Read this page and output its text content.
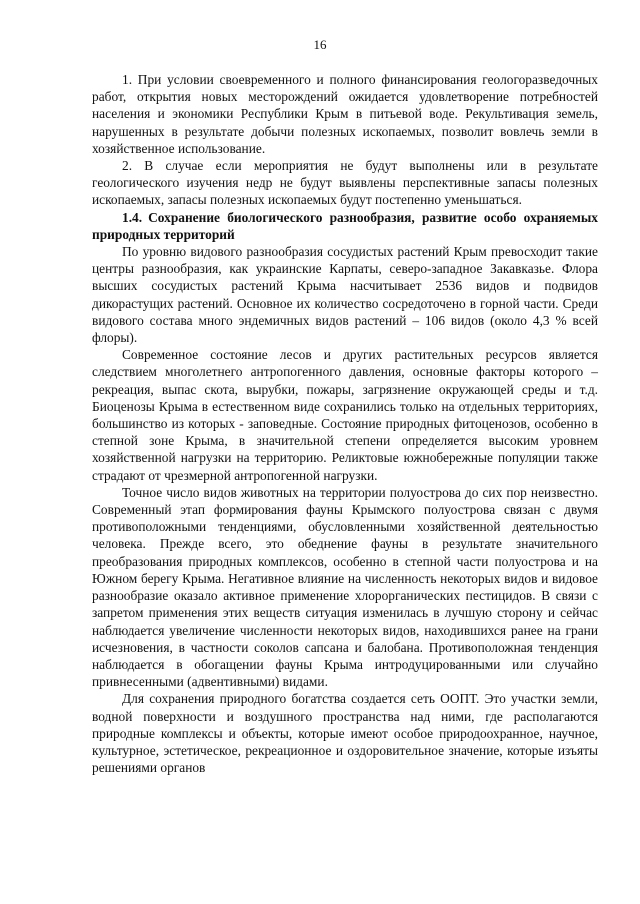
16

1. При условии своевременного и полного финансирования геологоразведочных работ, открытия новых месторождений ожидается удовлетворение потребностей населения и экономики Республики Крым в питьевой воде. Рекультивация земель, нарушенных в результате добычи полезных ископаемых, позволит вовлечь земли в хозяйственное использование.

2. В случае если мероприятия не будут выполнены или в результате геологического изучения недр не будут выявлены перспективные запасы полезных ископаемых, запасы полезных ископаемых будут постепенно уменьшаться.

1.4. Сохранение биологического разнообразия, развитие особо охраняемых природных территорий

По уровню видового разнообразия сосудистых растений Крым превосходит такие центры разнообразия, как украинские Карпаты, северо-западное Закавказье. Флора высших сосудистых растений Крыма насчитывает 2536 видов и подвидов дикорастущих растений. Основное их количество сосредоточено в горной части. Среди видового состава много эндемичных видов растений – 106 видов (около 4,3 % всей флоры).

Современное состояние лесов и других растительных ресурсов является следствием многолетнего антропогенного давления, основные факторы которого – рекреация, выпас скота, вырубки, пожары, загрязнение окружающей среды и т.д. Биоценозы Крыма в естественном виде сохранились только на отдельных территориях, большинство из которых - заповедные. Состояние природных фитоценозов, особенно в степной зоне Крыма, в значительной степени определяется высоким уровнем хозяйственной нагрузки на территорию. Реликтовые южнобережные популяции также страдают от чрезмерной антропогенной нагрузки.

Точное число видов животных на территории полуострова до сих пор неизвестно. Современный этап формирования фауны Крымского полуострова связан с двумя противоположными тенденциями, обусловленными хозяйственной деятельностью человека. Прежде всего, это обеднение фауны в результате значительного преобразования природных комплексов, особенно в степной части полуострова и на Южном берегу Крыма. Негативное влияние на численность некоторых видов и видовое разнообразие оказало активное применение хлорорганических пестицидов. В связи с запретом применения этих веществ ситуация изменилась в лучшую сторону и сейчас наблюдается увеличение численности некоторых видов, находившихся ранее на грани исчезновения, в частности соколов сапсана и балобана. Противоположная тенденция наблюдается в обогащении фауны Крыма интродуцированными или случайно привнесенными (адвентивными) видами.

Для сохранения природного богатства создается сеть ООПТ. Это участки земли, водной поверхности и воздушного пространства над ними, где располагаются природные комплексы и объекты, которые имеют особое природоохранное, научное, культурное, эстетическое, рекреационное и оздоровительное значение, которые изъяты решениями органов
